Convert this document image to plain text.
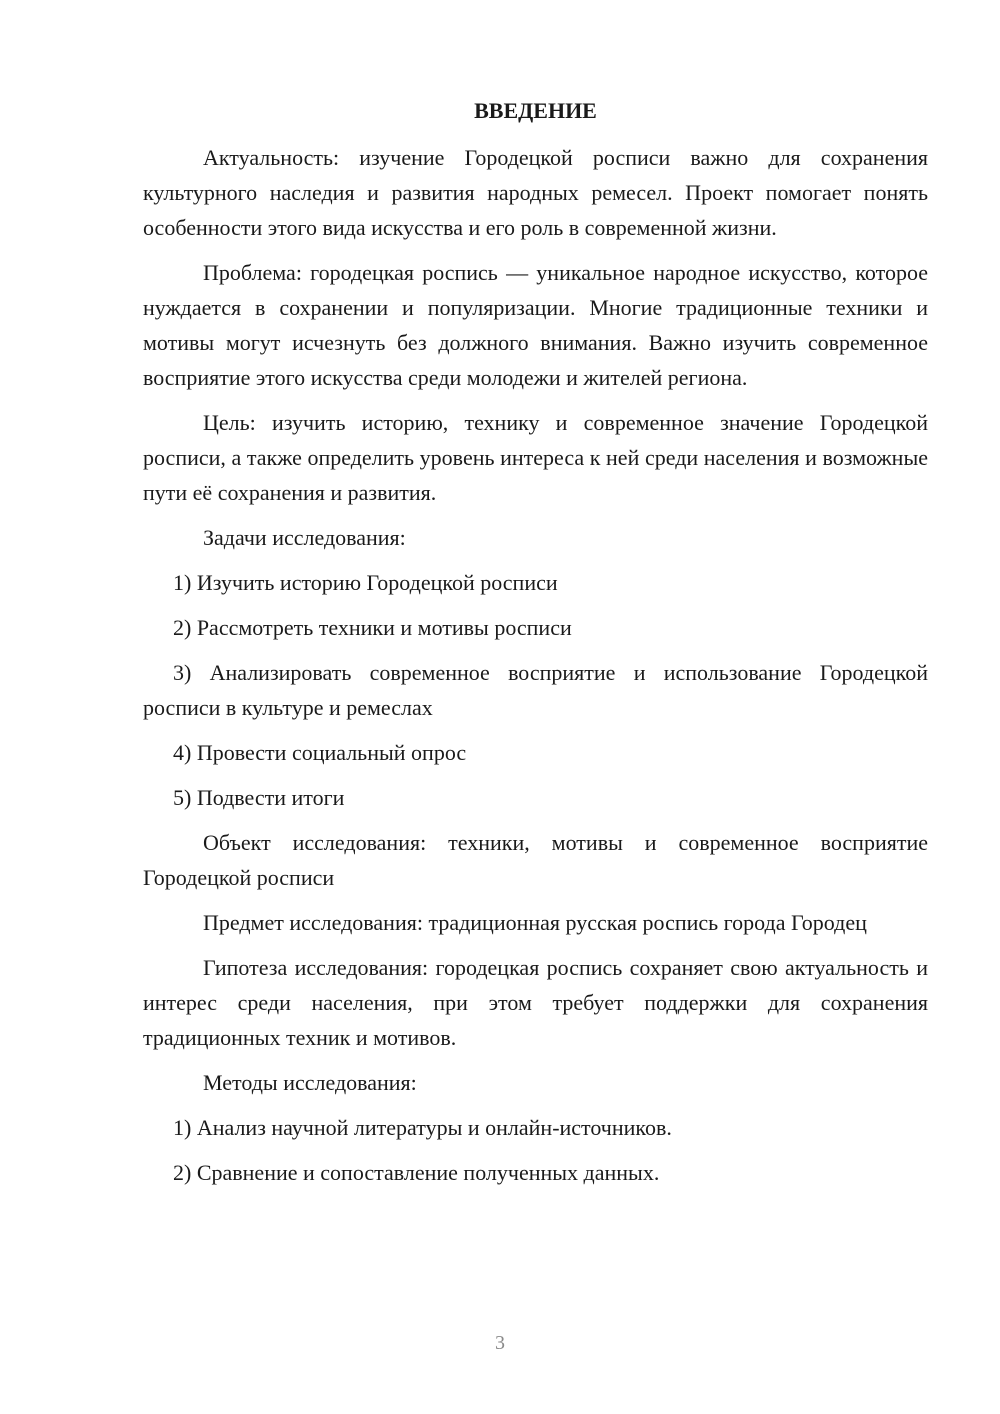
ВВЕДЕНИЕ

Актуальность: изучение Городецкой росписи важно для сохранения культурного наследия и развития народных ремесел. Проект помогает понять особенности этого вида искусства и его роль в современной жизни.

Проблема: городецкая роспись — уникальное народное искусство, которое нуждается в сохранении и популяризации. Многие традиционные техники и мотивы могут исчезнуть без должного внимания. Важно изучить современное восприятие этого искусства среди молодежи и жителей региона.

Цель: изучить историю, технику и современное значение Городецкой росписи, а также определить уровень интереса к ней среди населения и возможные пути её сохранения и развития.

Задачи исследования:

1) Изучить историю Городецкой росписи

2) Рассмотреть техники и мотивы росписи

3) Анализировать современное восприятие и использование Городецкой росписи в культуре и ремеслах

4) Провести социальный опрос

5) Подвести итоги

Объект исследования: техники, мотивы и современное восприятие Городецкой росписи

Предмет исследования: традиционная русская роспись города Городец

Гипотеза исследования: городецкая роспись сохраняет свою актуальность и интерес среди населения, при этом требует поддержки для сохранения традиционных техник и мотивов.

Методы исследования:

1) Анализ научной литературы и онлайн-источников.

2) Сравнение и сопоставление полученных данных.

3
